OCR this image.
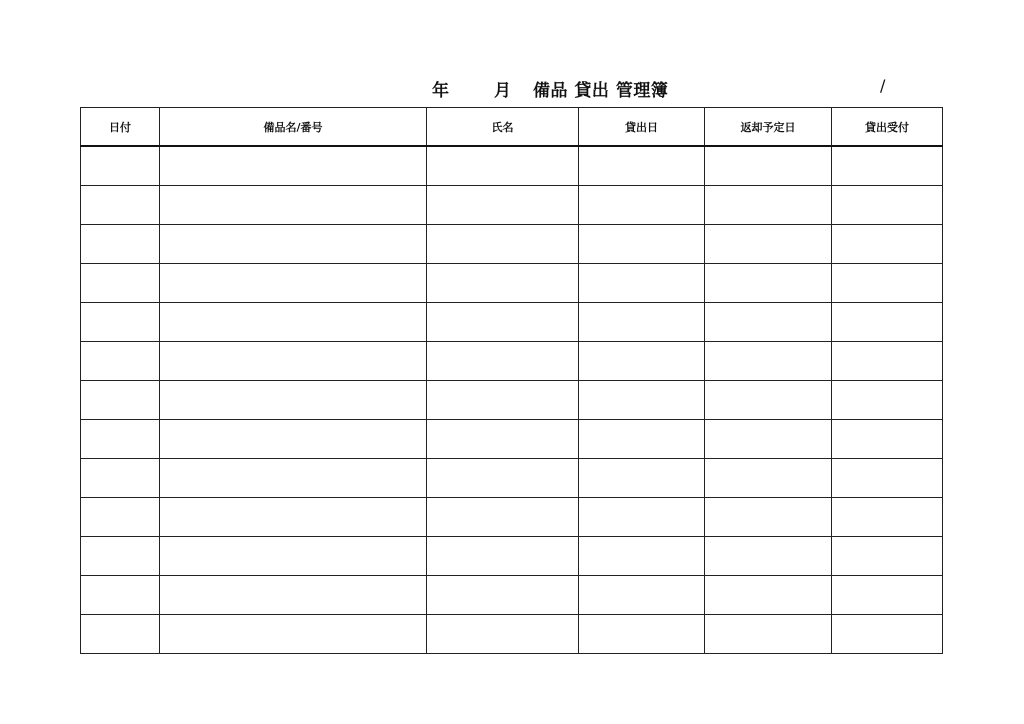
年	月 備品 貸出 管理簿	/
日付	備品名/番号	氏名	貸出日	返却予定日	貸出受付
